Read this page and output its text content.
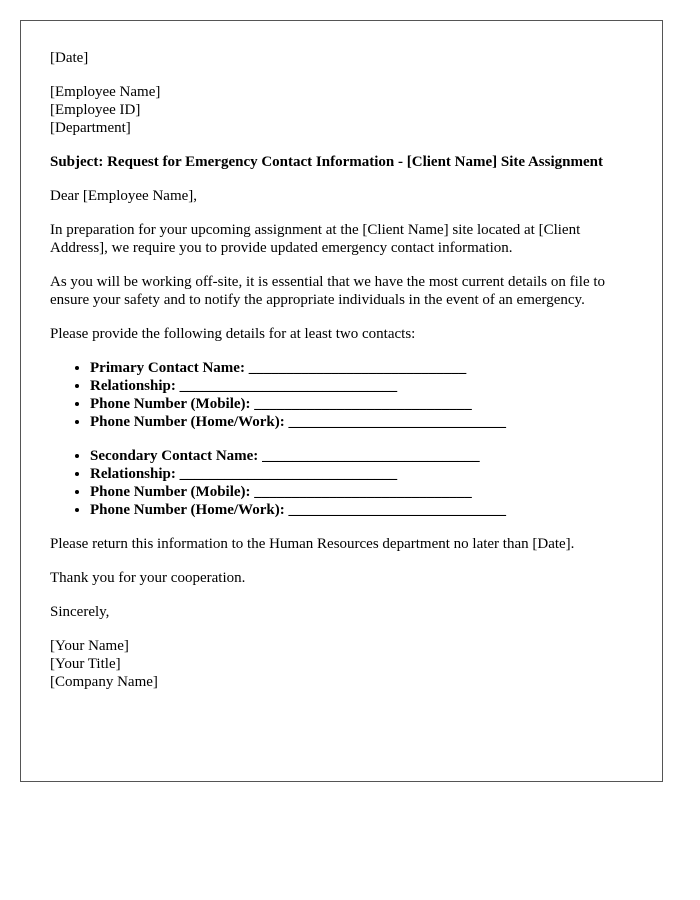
[Date]

[Employee Name]
[Employee ID]
[Department]

Subject: Request for Emergency Contact Information - [Client Name] Site Assignment

Dear [Employee Name],

In preparation for your upcoming assignment at the [Client Name] site located at [Client Address], we require you to provide updated emergency contact information.

As you will be working off-site, it is essential that we have the most current details on file to ensure your safety and to notify the appropriate individuals in the event of an emergency.

Please provide the following details for at least two contacts:

• Primary Contact Name: _____________________________
• Relationship: _____________________________
• Phone Number (Mobile): _____________________________
• Phone Number (Home/Work): _____________________________
• Secondary Contact Name: _____________________________
• Relationship: _____________________________
• Phone Number (Mobile): _____________________________
• Phone Number (Home/Work): _____________________________

Please return this information to the Human Resources department no later than [Date].

Thank you for your cooperation.

Sincerely,

[Your Name]
[Your Title]
[Company Name]
